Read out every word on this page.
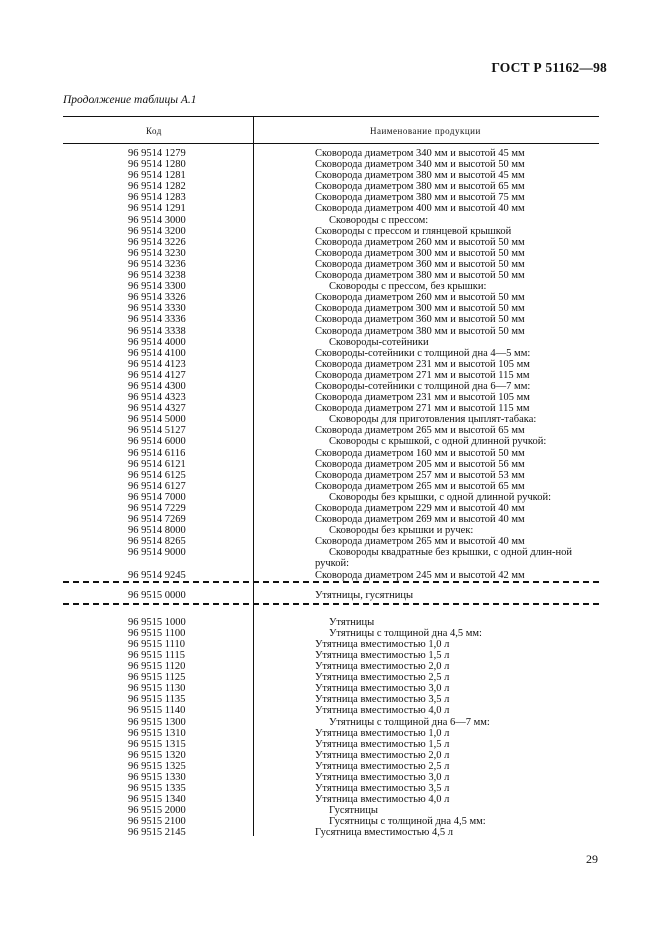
ГОСТ Р 51162—98
Продолжение таблицы А.1
Код	Наименование продукции
96 9514 1279	Сковорода диаметром 340 мм и высотой 45 мм
96 9514 1280	Сковорода диаметром 340 мм и высотой 50 мм
96 9514 1281	Сковорода диаметром 380 мм и высотой 45 мм
96 9514 1282	Сковорода диаметром 380 мм и высотой 65 мм
96 9514 1283	Сковорода диаметром 380 мм и высотой 75 мм
96 9514 1291	Сковорода диаметром 400 мм и высотой 40 мм
96 9514 3000	Сковороды с прессом:
96 9514 3200	Сковороды с прессом и глянцевой крышкой
96 9514 3226	Сковорода диаметром 260 мм и высотой 50 мм
96 9514 3230	Сковорода диаметром 300 мм и высотой 50 мм
96 9514 3236	Сковорода диаметром 360 мм и высотой 50 мм
96 9514 3238	Сковорода диаметром 380 мм и высотой 50 мм
96 9514 3300	Сковороды с прессом, без крышки:
96 9514 3326	Сковорода диаметром 260 мм и высотой 50 мм
96 9514 3330	Сковорода диаметром 300 мм и высотой 50 мм
96 9514 3336	Сковорода диаметром 360 мм и высотой 50 мм
96 9514 3338	Сковорода диаметром 380 мм и высотой 50 мм
96 9514 4000	Сковороды-сотейники
96 9514 4100	Сковороды-сотейники с толщиной дна 4—5 мм:
96 9514 4123	Сковорода диаметром 231 мм и высотой 105 мм
96 9514 4127	Сковорода диаметром 271 мм и высотой 115 мм
96 9514 4300	Сковороды-сотейники с толщиной дна 6—7 мм:
96 9514 4323	Сковорода диаметром 231 мм и высотой 105 мм
96 9514 4327	Сковорода диаметром 271 мм и высотой 115 мм
96 9514 5000	Сковороды для приготовления цыплят-табака:
96 9514 5127	Сковорода диаметром 265 мм и высотой 65 мм
96 9514 6000	Сковороды с крышкой, с одной длинной ручкой:
96 9514 6116	Сковорода диаметром 160 мм и высотой 50 мм
96 9514 6121	Сковорода диаметром 205 мм и высотой 56 мм
96 9514 6125	Сковорода диаметром 257 мм и высотой 53 мм
96 9514 6127	Сковорода диаметром 265 мм и высотой 65 мм
96 9514 7000	Сковороды без крышки, с одной длинной ручкой:
96 9514 7229	Сковорода диаметром 229 мм и высотой 40 мм
96 9514 7269	Сковорода диаметром 269 мм и высотой 40 мм
96 9514 8000	Сковороды без крышки и ручек:
96 9514 8265	Сковорода диаметром 265 мм и высотой 40 мм
96 9514 9000	Сковороды квадратные без крышки, с одной длин-ной ручкой:
96 9514 9245	Сковорода диаметром 245 мм и высотой 42 мм
96 9515 0000	Утятницы, гусятницы
96 9515 1000	Утятницы
96 9515 1100	Утятницы с толщиной дна 4,5 мм:
96 9515 1110	Утятница вместимостью 1,0 л
96 9515 1115	Утятница вместимостью 1,5 л
96 9515 1120	Утятница вместимостью 2,0 л
96 9515 1125	Утятница вместимостью 2,5 л
96 9515 1130	Утятница вместимостью 3,0 л
96 9515 1135	Утятница вместимостью 3,5 л
96 9515 1140	Утятница вместимостью 4,0 л
96 9515 1300	Утятницы с толщиной дна 6—7 мм:
96 9515 1310	Утятница вместимостью 1,0 л
96 9515 1315	Утятница вместимостью 1,5 л
96 9515 1320	Утятница вместимостью 2,0 л
96 9515 1325	Утятница вместимостью 2,5 л
96 9515 1330	Утятница вместимостью 3,0 л
96 9515 1335	Утятница вместимостью 3,5 л
96 9515 1340	Утятница вместимостью 4,0 л
96 9515 2000	Гусятницы
96 9515 2100	Гусятницы с толщиной дна 4,5 мм:
96 9515 2145	Гусятница вместимостью 4,5 л
29
